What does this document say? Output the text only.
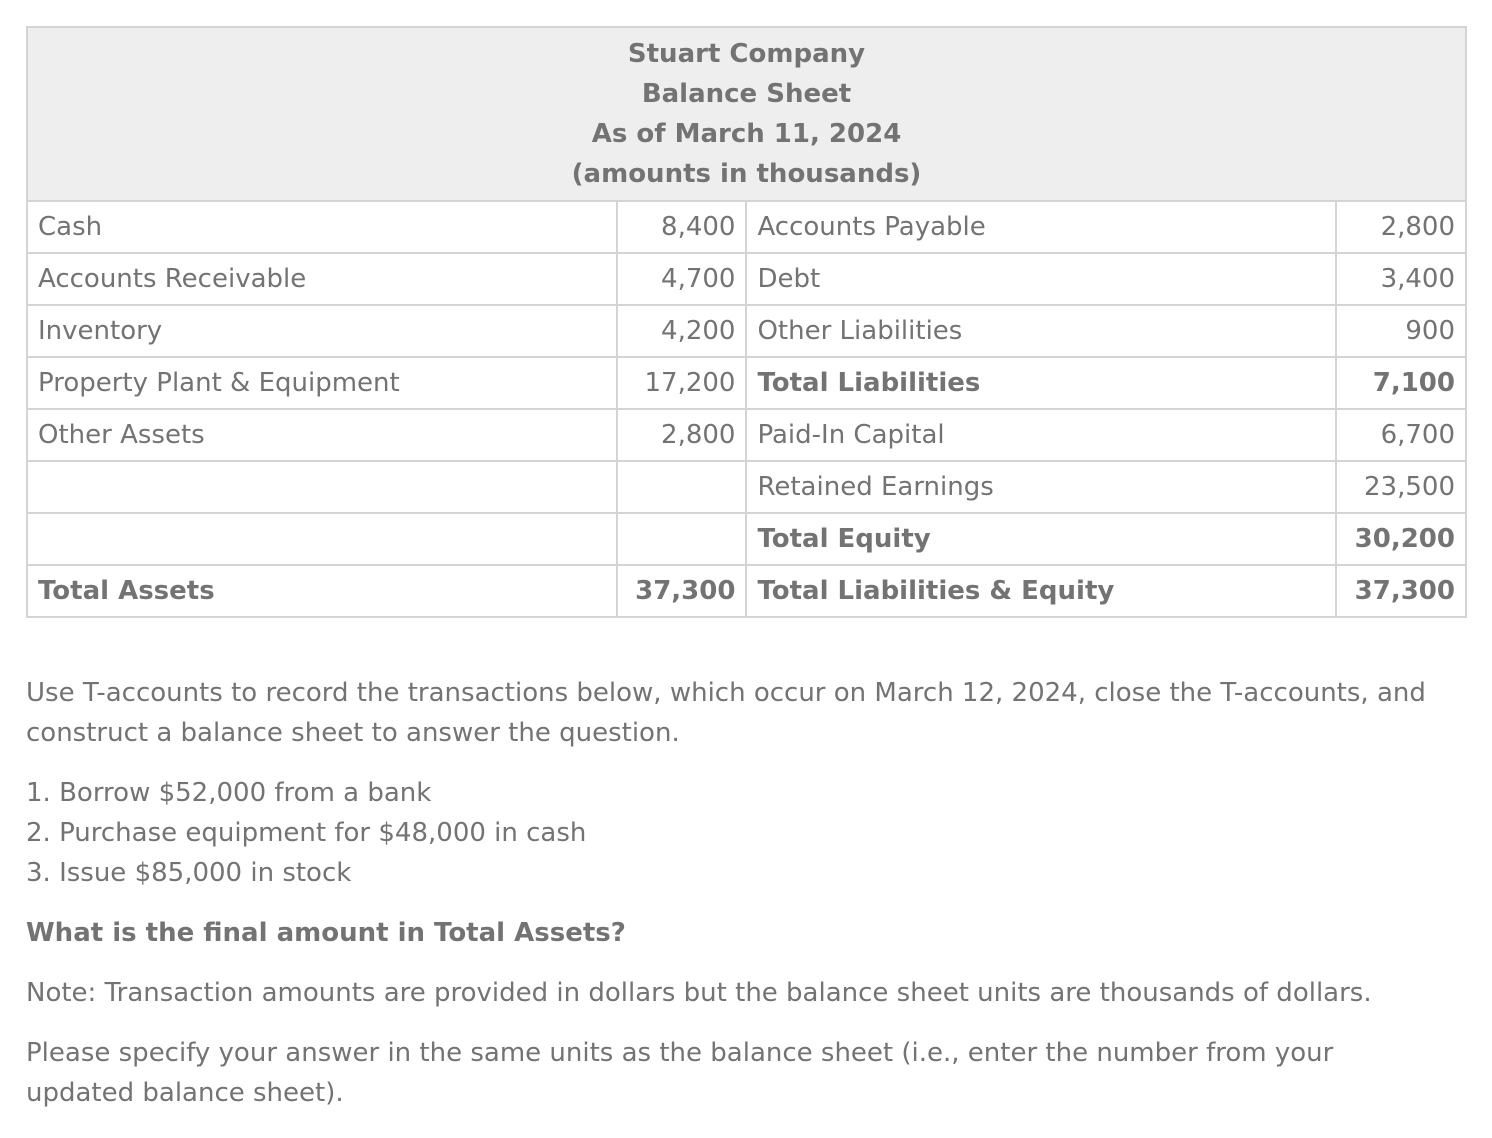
Stuart Company
Balance Sheet
As of March 11, 2024
(amounts in thousands)			

Cash	8,400	Accounts Payable	2,800
Accounts Receivable	4,700	Debt	3,400
Inventory	4,200	Other Liabilities	900
Property Plant & Equipment	17,200	Total Liabilities	7,100
Other Assets	2,800	Paid-In Capital	6,700
		Retained Earnings	23,500
		Total Equity	30,200
Total Assets	37,300	Total Liabilities & Equity	37,300

Use T-accounts to record the transactions below, which occur on March 12, 2024, close the T-accounts, and construct a balance sheet to answer the question.

1. Borrow $52,000 from a bank
2. Purchase equipment for $48,000 in cash
3. Issue $85,000 in stock

What is the final amount in Total Assets?

Note: Transaction amounts are provided in dollars but the balance sheet units are thousands of dollars.

Please specify your answer in the same units as the balance sheet (i.e., enter the number from your updated balance sheet).
